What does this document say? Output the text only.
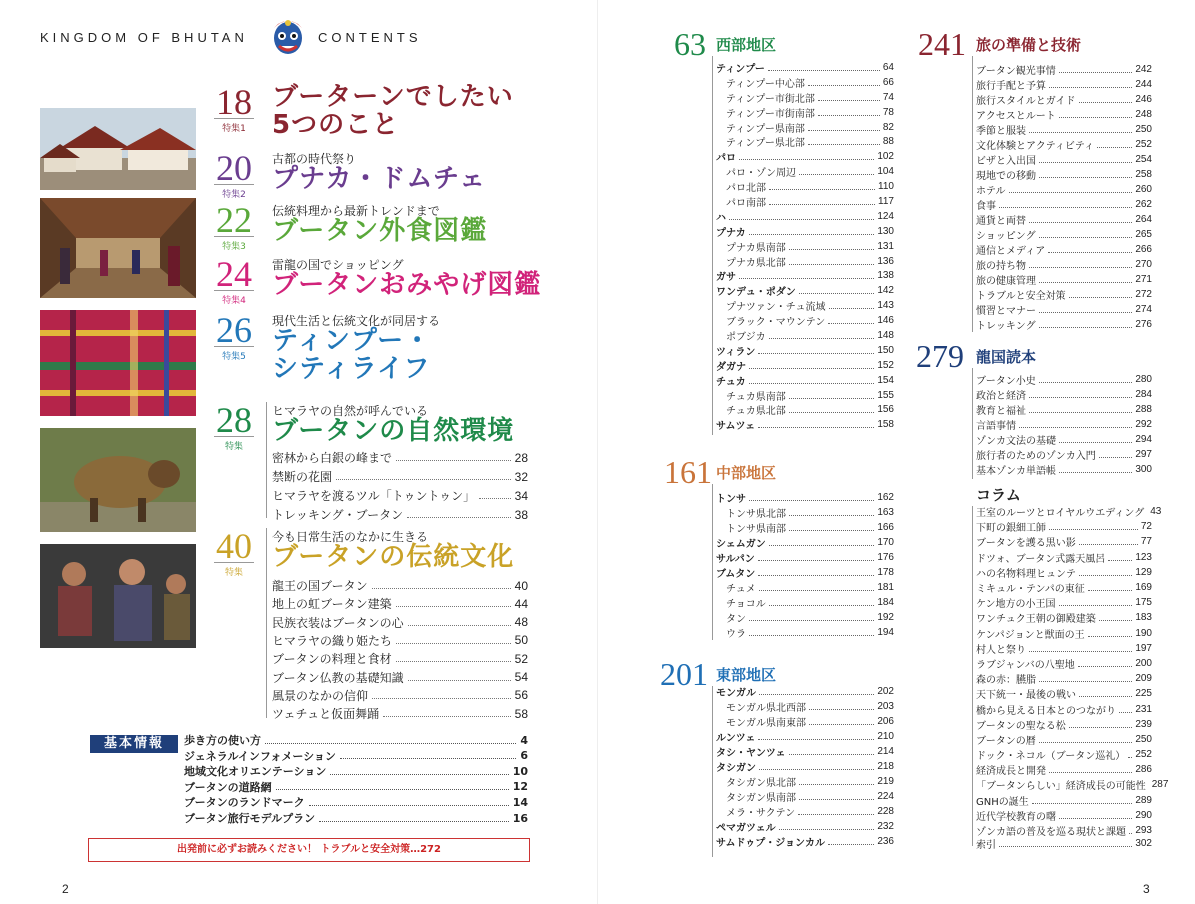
KINGDOM OF BHUTAN	CONTENTS
18
特集1
ブーターンでしたい
5つのこと
20
特集2
古都の時代祭り
プナカ・ドムチェ
22
特集3
伝統料理から最新トレンドまで
ブータン外食図鑑
24
特集4
雷龍の国でショッピング
ブータンおみやげ図鑑
26
特集5
現代生活と伝統文化が同居する
ティンプー・
シティライフ
28
特集
ヒマラヤの自然が呼んでいる
ブータンの自然環境
40
特集
今も日常生活のなかに生きる
ブータンの伝統文化
密林から白銀の峰まで	28
禁断の花園	32
ヒマラヤを渡るツル「トゥントゥン」	34
トレッキング・ブータン	38
龍王の国ブータン	40
地上の虹ブータン建築	44
民族衣装はブータンの心	48
ヒマラヤの織り姫たち	50
ブータンの料理と食材	52
ブータン仏教の基礎知識	54
風景のなかの信仰	56
ツェチュと仮面舞踊	58
基本情報	歩き方の使い方	4
ジェネラルインフォメーション	6
地域文化オリエンテーション	10
ブータンの道路網	12
ブータンのランドマーク	14
ブータン旅行モデルプラン	16
出発前に必ずお読みください！ トラブルと安全対策…272
2	3
63 西部地区
ティンプー	64
ティンプー中心部	66
ティンプー市街北部	74
ティンプー市街南部	78
ティンプー県南部	82
ティンプー県北部	88
パロ	102
パロ・ゾン周辺	104
パロ北部	110
パロ南部	117
ハ	124
プナカ	130
プナカ県南部	131
プナカ県北部	136
ガサ	138
ワンデュ・ポダン	142
プナツァン・チュ流域	143
ブラック・マウンテン	146
ポブジカ	148
ツィラン	150
ダガナ	152
チュカ	154
チュカ県南部	155
チュカ県北部	156
サムツェ	158
161 中部地区
トンサ	162
トンサ県北部	163
トンサ県南部	166
シェムガン	170
サルパン	176
ブムタン	178
チュメ	181
チョコル	184
タン	192
ウラ	194
201 東部地区
モンガル	202
モンガル県北西部	203
モンガル県南東部	206
ルンツェ	210
タシ・ヤンツェ	214
タシガン	218
タシガン県北部	219
タシガン県南部	224
メラ・サクテン	228
ペマガツェル	232
サムドゥプ・ジョンカル	236
241 旅の準備と技術
ブータン観光事情	242
旅行手配と予算	244
旅行スタイルとガイド	246
アクセスとルート	248
季節と服装	250
文化体験とアクティビティ	252
ビザと入出国	254
現地での移動	258
ホテル	260
食事	262
通貨と両替	264
ショッピング	265
通信とメディア	266
旅の持ち物	270
旅の健康管理	271
トラブルと安全対策	272
慣習とマナー	274
トレッキング	276
279 龍国読本
ブータン小史	280
政治と経済	284
教育と福祉	288
言語事情	292
ゾンカ文法の基礎	294
旅行者のためのゾンカ入門	297
基本ゾンカ単語帳	300
コラム
王室のルーツとロイヤルウエディング 43
下町の銀細工師	72
ブータンを護る黒い影	77
ドツォ、ブータン式露天風呂	123
ハの名物料理ヒュンテ	129
ミキュル・テンパの東征	169
ケン地方の小王国	175
ワンチュク王朝の御殿建築	183
ケンパジョンと獣面の王	190
村人と祭り	197
ラブジャンバの八聖地	200
森の赤：臙脂	209
天下統一・最後の戦い	225
橋から見える日本とのつながり 231
ブータンの聖なる松	239
ブータンの暦	250
ドック・ネコル（ブータン巡礼） 252
経済成長と開発	286
「ブータンらしい」経済成長の可能性 287
GNHの誕生	289
近代学校教育の曙	290
ゾンカ語の普及を巡る現状と課題 293
索引	302
